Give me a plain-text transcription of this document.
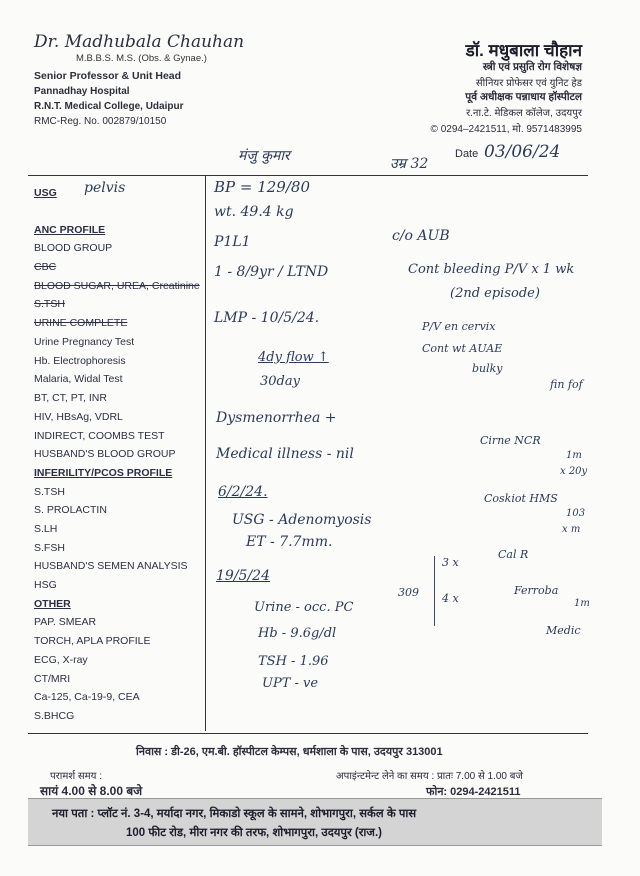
Dr. Madhubala Chauhan
M.B.B.S. M.S. (Obs. & Gynae.)
Senior Professor & Unit Head
Pannadhay Hospital
R.N.T. Medical College, Udaipur
RMC-Reg. No. 002879/10150
डॉ. मधुबाला चौहान
स्त्री एवं प्रसुति रोग विशेषज्ञ
सीनियर प्रोफेसर एवं युनिट हेड
पूर्व अधीक्षक पन्नाधाय हॉस्पीटल
र.ना.टे. मेडिकल कॉलेज, उदयपुर
© 0294–2421511, मो. 9571483995
Date 03/06/24
मंजु कुमार	उम्र 32
USG pelvis
ANC PROFILE
BLOOD GROUP
CBC
BLOOD SUGAR, UREA, Creatinine
S.TSH
URINE COMPLETE
Urine Pregnancy Test
Hb. Electrophoresis
Malaria, Widal Test
BT, CT, PT, INR
HIV, HBsAg, VDRL
INDIRECT, COOMBS TEST
HUSBAND'S BLOOD GROUP
INFERILITY/PCOS PROFILE
S.TSH
S. PROLACTIN
S.LH
S.FSH
HUSBAND'S SEMEN ANALYSIS
HSG
OTHER
PAP. SMEAR
TORCH, APLA PROFILE
ECG, X-ray
CT/MRI
Ca-125, Ca-19-9, CEA
S.BHCG
BP = 129/80
wt. 49.4 kg
P1L1
1 - 8/9yr / LTND
LMP - 10/5/24.
4dy flow ↑
30day
Dysmenorrhea +
Medical illness - nil
6/2/24.
USG - Adenomyosis
ET - 7.7mm.
19/5/24
Urine - occ. PC
Hb - 9.6g/dl
TSH - 1.96
UPT - ve
c/o AUB
Cont bleeding P/V x 1 wk
(2nd episode)
P/V en cervix
Cont wt AUAE
bulky
fin fof
Cirne NCR
1m
x 20y
Coskiot HMS
103
x m
Cal R
Ferroba
1m
Medic
309
3 x
4 x
निवास : डी-26, एम.बी. हॉस्पीटल केम्पस, धर्मशाला के पास, उदयपुर 313001
परामर्श समय :
सायं 4.00 से 8.00 बजे
अपाइंन्टमेन्ट लेने का समय : प्रातः 7.00 से 1.00 बजे
फोन: 0294-2421511
नया पता : प्लॉट नं. 3-4, मर्यादा नगर, मिकाडो स्कूल के सामने, शोभागपुरा, सर्कल के पास
100 फीट रोड, मीरा नगर की तरफ, शोभागपुरा, उदयपुर (राज.)
